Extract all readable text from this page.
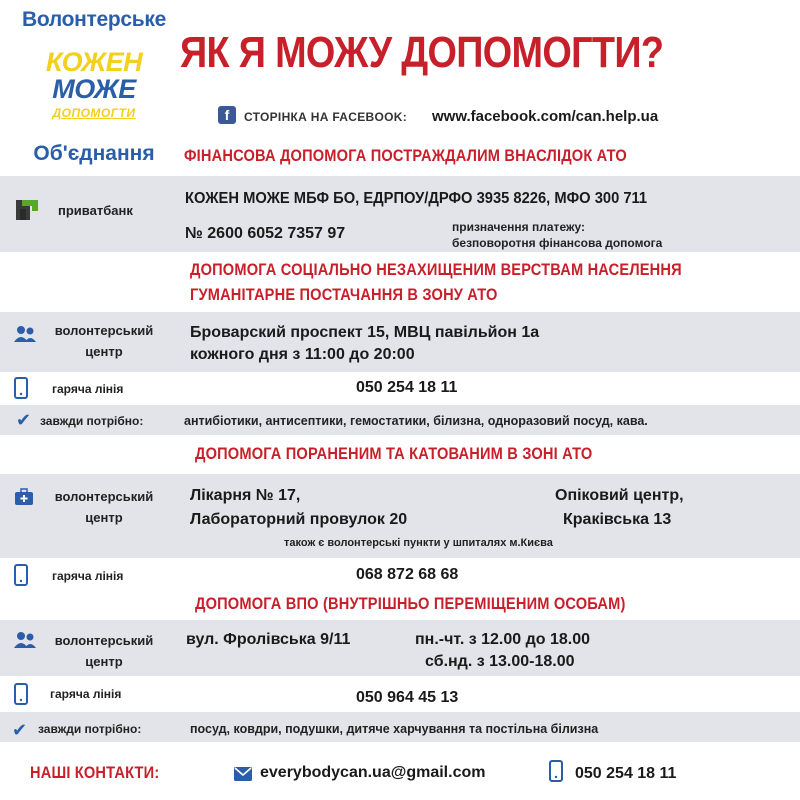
Волонтерське
КОЖЕН
МОЖЕ
ДОПОМОГТИ
Об'єднання
ЯК Я МОЖУ ДОПОМОГТИ?
f	СТОРІНКА НА FACEBOOK: www.facebook.com/can.help.ua
ФІНАНСОВА ДОПОМОГА ПОСТРАЖДАЛИМ ВНАСЛІДОК АТО
приватбанк
КОЖЕН МОЖЕ МБФ БО, ЕДРПОУ/ДРФО 3935 8226, МФО 300 711
№ 2600 6052 7357 97	призначення платежу:
безповоротня фінансова допомога
ДОПОМОГА СОЦІАЛЬНО НЕЗАХИЩЕНИМ ВЕРСТВАМ НАСЕЛЕННЯ
ГУМАНІТАРНЕ ПОСТАЧАННЯ В ЗОНУ АТО
волонтерський
центр
Броварский проспект 15, МВЦ павільйон 1а
кожного дня з 11:00 до 20:00
гаряча лінія	050 254 18 11
✔ завжди потрібно:	антибіотики, антисептики, гемостатики, білизна, одноразовий посуд, кава.
ДОПОМОГА ПОРАНЕНИМ ТА КАТОВАНИМ В ЗОНІ АТО
волонтерський
центр
Лікарня № 17,
Лабораторний провулок 20
Опіковий центр,
Краківська 13
також є волонтерські пункти у шпиталях м.Києва
гаряча лінія	068 872 68 68
ДОПОМОГА ВПО (ВНУТРІШНЬО ПЕРЕМІЩЕНИМ ОСОБАМ)
волонтерський
центр
вул. Фролівська 9/11	пн.-чт. з 12.00 до 18.00
сб.нд. з 13.00-18.00
гаряча лінія	050 964 45 13
✔ завжди потрібно:	посуд, ковдри, подушки, дитяче харчування та постільна білизна
НАШІ КОНТАКТИ:	everybodycan.ua@gmail.com	050 254 18 11
